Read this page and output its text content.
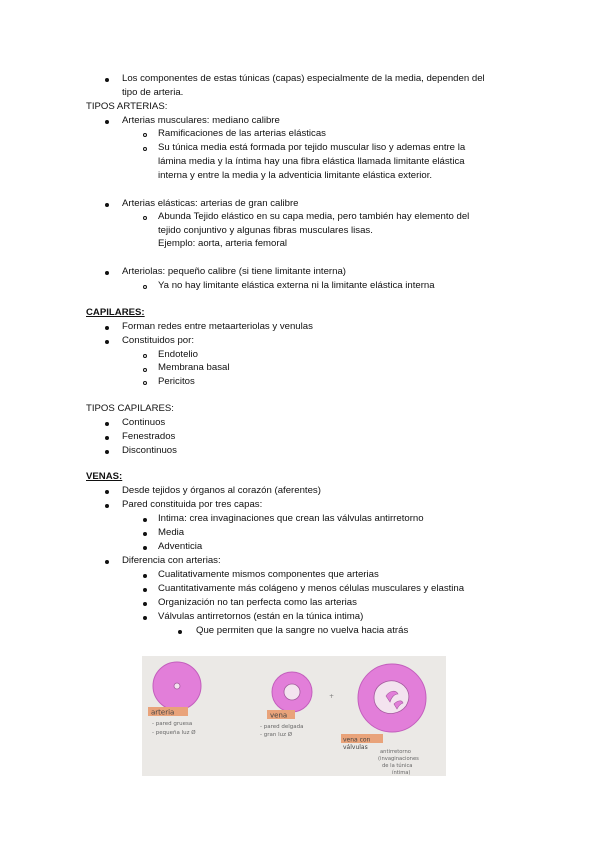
Los componentes de estas túnicas (capas) especialmente de la media, dependen del
tipo de arteria.
TIPOS ARTERIAS:
Arterias musculares: mediano calibre
Ramificaciones de las arterias elásticas
Su túnica media está formada por tejido muscular liso y ademas entre la
lámina media y la íntima hay una fibra elástica llamada limitante elástica
interna y entre la media y la adventicia limitante elástica exterior.
Arterias elásticas: arterias de gran calibre
Abunda Tejido elástico en su capa media, pero también hay elemento del
tejido conjuntivo y algunas fibras musculares lisas.
Ejemplo: aorta, arteria femoral
Arteriolas: pequeño calibre (si tiene limitante interna)
Ya no hay limitante elástica externa ni la limitante elástica interna
CAPILARES:
Forman redes entre metaarteriolas y venulas
Constituidos por:
Endotelio
Membrana basal
Pericitos
TIPOS CAPILARES:
Continuos
Fenestrados
Discontinuos
VENAS:
Desde tejidos y órganos al corazón (aferentes)
Pared constituida por tres capas:
Intima: crea invaginaciones que crean las válvulas antirretorno
Media
Adventicia
Diferencia con arterias:
Cualitativamente mismos componentes que arterias
Cuantitativamente más colágeno y menos células musculares y elastina
Organización no tan perfecta como las arterias
Válvulas antirretornos (están en la túnica intima)
Que permiten que la sangre no vuelva hacia atrás
arteria
- pared gruesa
- pequeña luz Ø
vena
- pared delgada
- gran luz Ø
+
vena con
válvulas
antirretorno
(invaginaciones
de la túnica
íntima)
